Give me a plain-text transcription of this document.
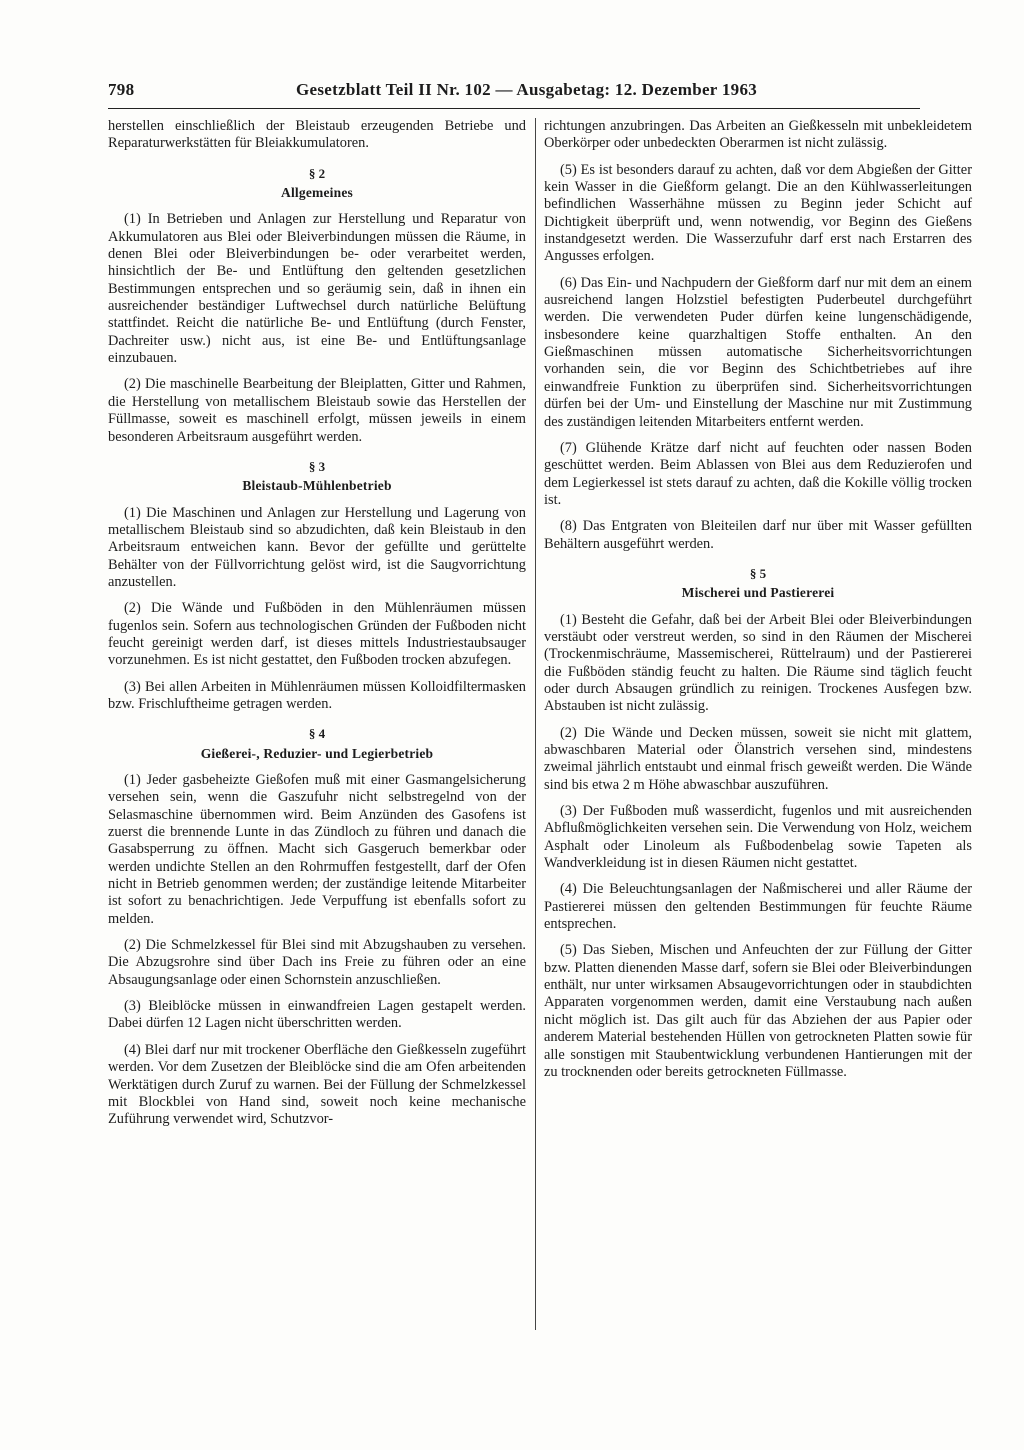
798	Gesetzblatt Teil II Nr. 102 — Ausgabetag: 12. Dezember 1963

herstellen einschließlich der Bleistaub erzeugenden Betriebe und Reparaturwerkstätten für Bleiakkumulatoren.

§ 2
Allgemeines

(1) In Betrieben und Anlagen zur Herstellung und Reparatur von Akkumulatoren aus Blei oder Bleiverbindungen müssen die Räume, in denen Blei oder Bleiverbindungen be- oder verarbeitet werden, hinsichtlich der Be- und Entlüftung den geltenden gesetzlichen Bestimmungen entsprechen und so geräumig sein, daß in ihnen ein ausreichender beständiger Luftwechsel durch natürliche Belüftung stattfindet. Reicht die natürliche Be- und Entlüftung (durch Fenster, Dachreiter usw.) nicht aus, ist eine Be- und Entlüftungsanlage einzubauen.

(2) Die maschinelle Bearbeitung der Bleiplatten, Gitter und Rahmen, die Herstellung von metallischem Bleistaub sowie das Herstellen der Füllmasse, soweit es maschinell erfolgt, müssen jeweils in einem besonderen Arbeitsraum ausgeführt werden.

§ 3
Bleistaub-Mühlenbetrieb

(1) Die Maschinen und Anlagen zur Herstellung und Lagerung von metallischem Bleistaub sind so abzudichten, daß kein Bleistaub in den Arbeitsraum entweichen kann. Bevor der gefüllte und gerüttelte Behälter von der Füllvorrichtung gelöst wird, ist die Saugvorrichtung anzustellen.

(2) Die Wände und Fußböden in den Mühlenräumen müssen fugenlos sein. Sofern aus technologischen Gründen der Fußboden nicht feucht gereinigt werden darf, ist dieses mittels Industriestaubsauger vorzunehmen. Es ist nicht gestattet, den Fußboden trocken abzufegen.

(3) Bei allen Arbeiten in Mühlenräumen müssen Kolloidfiltermasken bzw. Frischluftheime getragen werden.

§ 4
Gießerei-, Reduzier- und Legierbetrieb

(1) Jeder gasbeheizte Gießofen muß mit einer Gasmangelsicherung versehen sein, wenn die Gaszufuhr nicht selbstregelnd von der Selasmaschine übernommen wird. Beim Anzünden des Gasofens ist zuerst die brennende Lunte in das Zündloch zu führen und danach die Gasabsperrung zu öffnen. Macht sich Gasgeruch bemerkbar oder werden undichte Stellen an den Rohrmuffen festgestellt, darf der Ofen nicht in Betrieb genommen werden; der zuständige leitende Mitarbeiter ist sofort zu benachrichtigen. Jede Verpuffung ist ebenfalls sofort zu melden.

(2) Die Schmelzkessel für Blei sind mit Abzugshauben zu versehen. Die Abzugsrohre sind über Dach ins Freie zu führen oder an eine Absaugungsanlage oder einen Schornstein anzuschließen.

(3) Bleiblöcke müssen in einwandfreien Lagen gestapelt werden. Dabei dürfen 12 Lagen nicht überschritten werden.

(4) Blei darf nur mit trockener Oberfläche den Gießkesseln zugeführt werden. Vor dem Zusetzen der Bleiblöcke sind die am Ofen arbeitenden Werktätigen durch Zuruf zu warnen. Bei der Füllung der Schmelzkessel mit Blockblei von Hand sind, soweit noch keine mechanische Zuführung verwendet wird, Schutzvor-

richtungen anzubringen. Das Arbeiten an Gießkesseln mit unbekleidetem Oberkörper oder unbedeckten Oberarmen ist nicht zulässig.

(5) Es ist besonders darauf zu achten, daß vor dem Abgießen der Gitter kein Wasser in die Gießform gelangt. Die an den Kühlwasserleitungen befindlichen Wasserhähne müssen zu Beginn jeder Schicht auf Dichtigkeit überprüft und, wenn notwendig, vor Beginn des Gießens instandgesetzt werden. Die Wasserzufuhr darf erst nach Erstarren des Angusses erfolgen.

(6) Das Ein- und Nachpudern der Gießform darf nur mit dem an einem ausreichend langen Holzstiel befestigten Puderbeutel durchgeführt werden. Die verwendeten Puder dürfen keine lungenschädigende, insbesondere keine quarzhaltigen Stoffe enthalten. An den Gießmaschinen müssen automatische Sicherheitsvorrichtungen vorhanden sein, die vor Beginn des Schichtbetriebes auf ihre einwandfreie Funktion zu überprüfen sind. Sicherheitsvorrichtungen dürfen bei der Um- und Einstellung der Maschine nur mit Zustimmung des zuständigen leitenden Mitarbeiters entfernt werden.

(7) Glühende Krätze darf nicht auf feuchten oder nassen Boden geschüttet werden. Beim Ablassen von Blei aus dem Reduzierofen und dem Legierkessel ist stets darauf zu achten, daß die Kokille völlig trocken ist.

(8) Das Entgraten von Bleiteilen darf nur über mit Wasser gefüllten Behältern ausgeführt werden.

§ 5
Mischerei und Pastiererei

(1) Besteht die Gefahr, daß bei der Arbeit Blei oder Bleiverbindungen verstäubt oder verstreut werden, so sind in den Räumen der Mischerei (Trockenmischräume, Massemischerei, Rüttelraum) und der Pastiererei die Fußböden ständig feucht zu halten. Die Räume sind täglich feucht oder durch Absaugen gründlich zu reinigen. Trockenes Ausfegen bzw. Abstauben ist nicht zulässig.

(2) Die Wände und Decken müssen, soweit sie nicht mit glattem, abwaschbaren Material oder Ölanstrich versehen sind, mindestens zweimal jährlich entstaubt und einmal frisch geweißt werden. Die Wände sind bis etwa 2 m Höhe abwaschbar auszuführen.

(3) Der Fußboden muß wasserdicht, fugenlos und mit ausreichenden Abflußmöglichkeiten versehen sein. Die Verwendung von Holz, weichem Asphalt oder Linoleum als Fußbodenbelag sowie Tapeten als Wandverkleidung ist in diesen Räumen nicht gestattet.

(4) Die Beleuchtungsanlagen der Naßmischerei und aller Räume der Pastiererei müssen den geltenden Bestimmungen für feuchte Räume entsprechen.

(5) Das Sieben, Mischen und Anfeuchten der zur Füllung der Gitter bzw. Platten dienenden Masse darf, sofern sie Blei oder Bleiverbindungen enthält, nur unter wirksamen Absaugevorrichtungen oder in staubdichten Apparaten vorgenommen werden, damit eine Verstaubung nach außen nicht möglich ist. Das gilt auch für das Abziehen der aus Papier oder anderem Material bestehenden Hüllen von getrockneten Platten sowie für alle sonstigen mit Staubentwicklung verbundenen Hantierungen mit der zu trocknenden oder bereits getrockneten Füllmasse.
